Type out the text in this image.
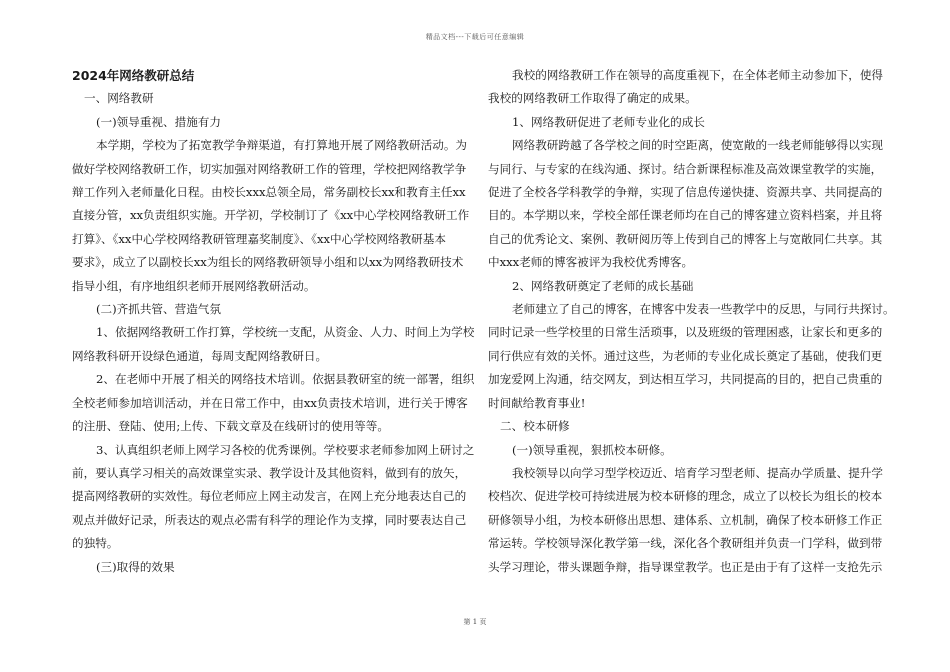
精品文档---下载后可任意编辑

2024年网络教研总结

一、网络教研

(一)领导重视、措施有力

本学期，学校为了拓宽教学争辩渠道，有打算地开展了网络教研活动。为
做好学校网络教研工作，切实加强对网络教研工作的管理，学校把网络教学争
辩工作列入老师量化日程。由校长xxx总领全局，常务副校长xx和教育主任xx
直接分管，xx负责组织实施。开学初，学校制订了《xx中心学校网络教研工作
打算》、《xx中心学校网络教研管理嘉奖制度》、《xx中心学校网络教研基本
要求》，成立了以副校长xx为组长的网络教研领导小组和以xx为网络教研技术
指导小组，有序地组织老师开展网络教研活动。

(二)齐抓共管、营造气氛

1、依据网络教研工作打算，学校统一支配，从资金、人力、时间上为学校
网络教科研开设绿色通道，每周支配网络教研日。

2、在老师中开展了相关的网络技术培训。依据县教研室的统一部署，组织
全校老师参加培训活动，并在日常工作中，由xx负责技术培训，进行关于博客
的注册、登陆、使用;上传、下载文章及在线研讨的使用等等。

3、认真组织老师上网学习各校的优秀课例。学校要求老师参加网上研讨之
前，要认真学习相关的高效课堂实录、教学设计及其他资料，做到有的放矢，
提高网络教研的实效性。每位老师应上网主动发言，在网上充分地表达自己的
观点并做好记录，所表达的观点必需有科学的理论作为支撑，同时要表达自己
的独特。

(三)取得的效果

我校的网络教研工作在领导的高度重视下，在全体老师主动参加下，使得
我校的网络教研工作取得了确定的成果。

1、网络教研促进了老师专业化的成长

网络教研跨越了各学校之间的时空距离，使宽敞的一线老师能够得以实现
与同行、与专家的在线沟通、探讨。结合新课程标准及高效课堂教学的实施，
促进了全校各学科教学的争辩，实现了信息传递快捷、资源共享、共同提高的
目的。本学期以来，学校全部任课老师均在自己的博客建立资料档案，并且将
自己的优秀论文、案例、教研阅历等上传到自己的博客上与宽敞同仁共享。其
中xxx老师的博客被评为我校优秀博客。

2、网络教研奠定了老师的成长基础

老师建立了自己的博客，在博客中发表一些教学中的反思，与同行共探讨。
同时记录一些学校里的日常生活琐事，以及班级的管理困惑，让家长和更多的
同行供应有效的关怀。通过这些，为老师的专业化成长奠定了基础，使我们更
加宠爱网上沟通，结交网友，到达相互学习，共同提高的目的，把自己贵重的
时间献给教育事业!

二、校本研修

(一)领导重视，狠抓校本研修。

我校领导以向学习型学校迈近、培育学习型老师、提高办学质量、提升学
校档次、促进学校可持续进展为校本研修的理念，成立了以校长为组长的校本
研修领导小组，为校本研修出思想、建体系、立机制，确保了校本研修工作正
常运转。学校领导深化教学第一线，深化各个教研组并负责一门学科，做到带
头学习理论，带头课题争辩，指导课堂教学。也正是由于有了这样一支抢先示

第 1 页
